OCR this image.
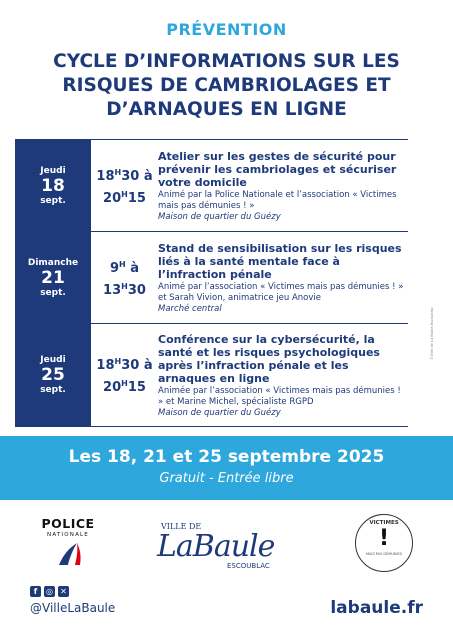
PRÉVENTION
CYCLE D’INFORMATIONS SUR LES RISQUES DE CAMBRIOLAGES ET D’ARNAQUES EN LIGNE
Jeudi
18
sept.
$18^H30$ à
$20^H15$
Atelier sur les gestes de sécurité pour prévenir les cambriolages et sécuriser votre domicile
Animé par la Police Nationale et l’association « Victimes mais pas démunies ! »
Maison de quartier du Guézy
Dimanche
21
sept.
$9^H$ à
$13^H30$
Stand de sensibilisation sur les risques liés à la santé mentale face à l’infraction pénale
Animé par l’association « Victimes mais pas démunies ! » et Sarah Vivion, animatrice jeu Anovie
Marché central
Jeudi
25
sept.
$18^H30$ à
$20^H15$
Conférence sur la cybersécurité, la santé et les risques psychologiques après l’infraction pénale et les arnaques en ligne
Animée par l’association « Victimes mais pas démunies ! » et Marine Michel, spécialiste RGPD
Maison de quartier du Guézy
©Ville de La Baule-Escoublac
Les 18, 21 et 25 septembre 2025
Gratuit - Entrée libre
POLICE
NATIONALE
VILLE DE
LaBaule
ESCOUBLAC
VICTIMES
!
MAIS PAS DÉMUNIES
f	◎ ✕
@VilleLaBaule	labaule.fr
